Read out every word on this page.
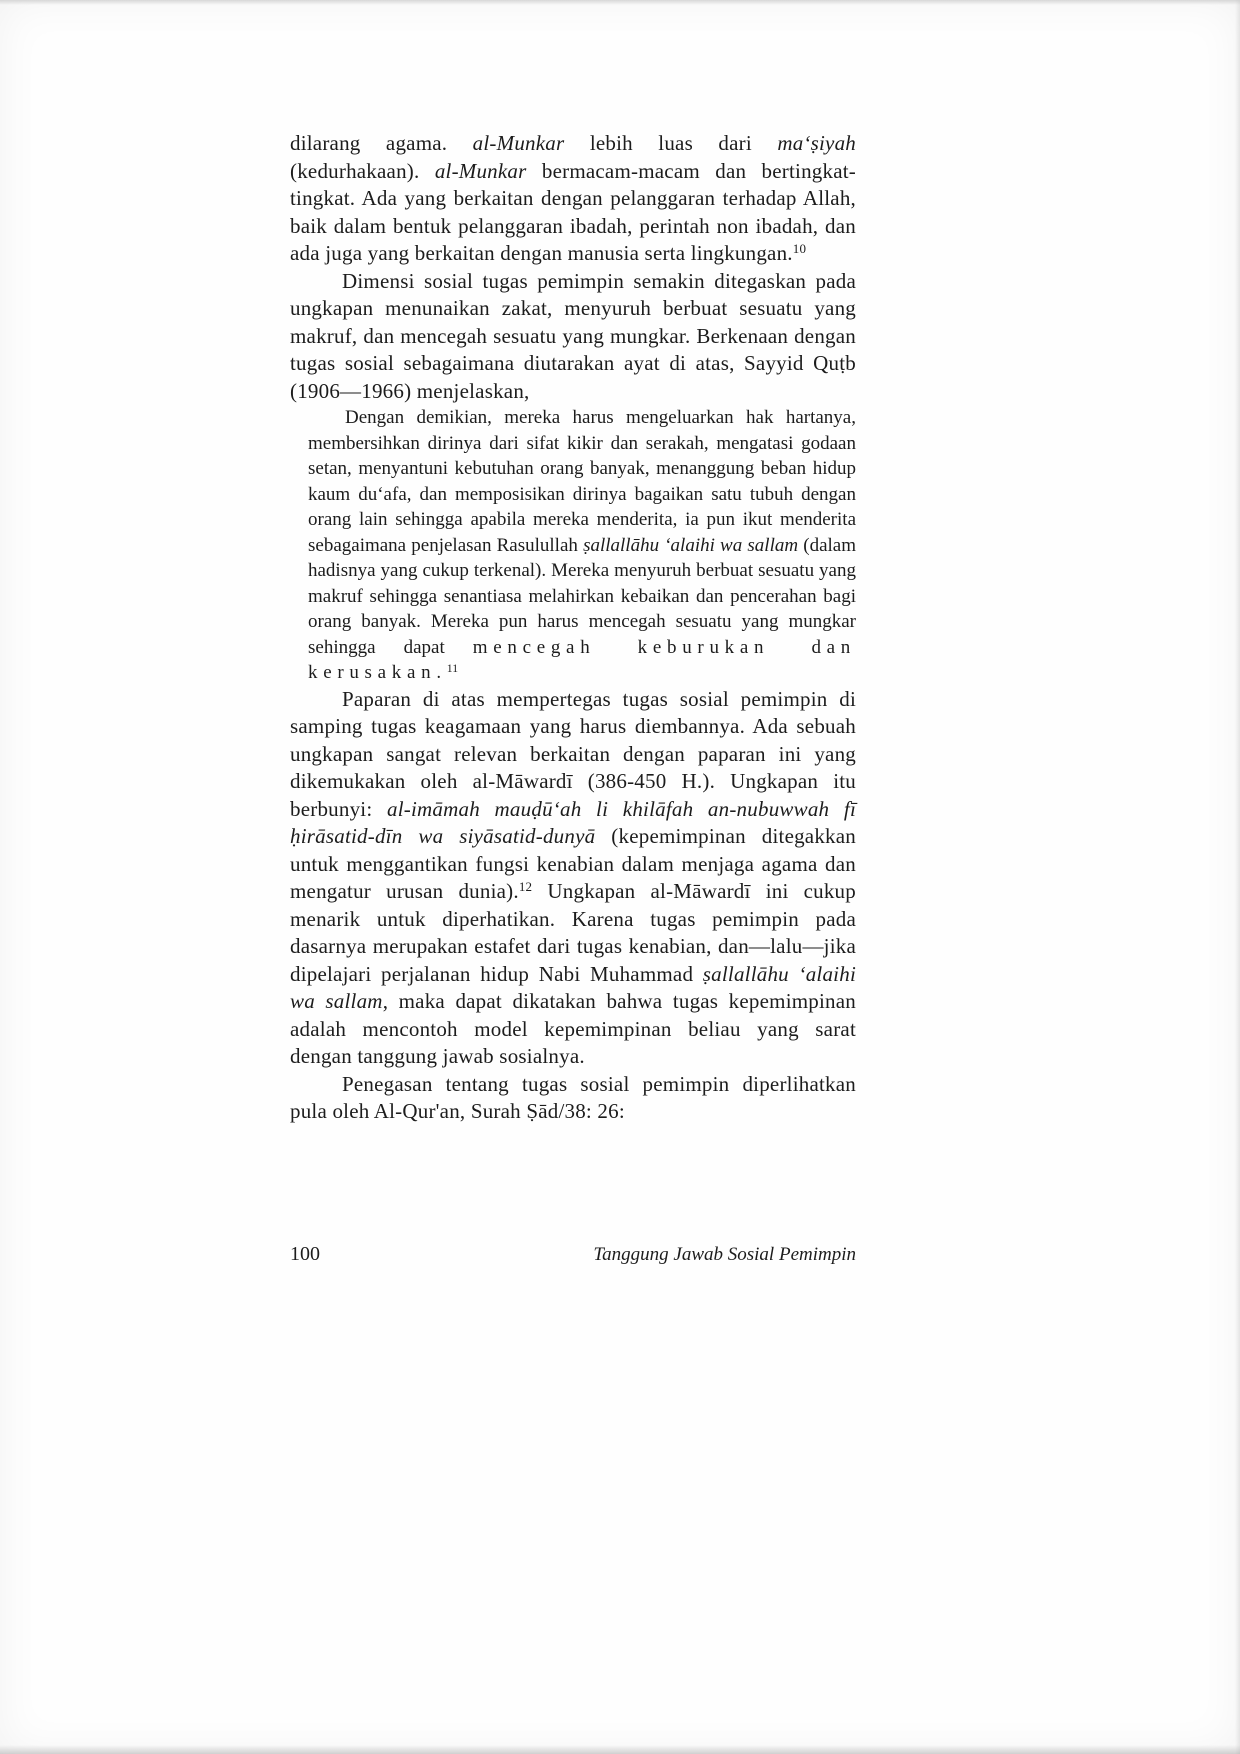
dilarang agama. al-Munkar lebih luas dari ma‘ṣiyah (kedurhakaan). al-Munkar bermacam-macam dan bertingkat-tingkat. Ada yang berkaitan dengan pelanggaran terhadap Allah, baik dalam bentuk pelanggaran ibadah, perintah non ibadah, dan ada juga yang berkaitan dengan manusia serta lingkungan.$^{10}$

Dimensi sosial tugas pemimpin semakin ditegaskan pada ungkapan menunaikan zakat, menyuruh berbuat sesuatu yang makruf, dan mencegah sesuatu yang mungkar. Berkenaan dengan tugas sosial sebagaimana diutarakan ayat di atas, Sayyid Quṭb (1906—1966) menjelaskan,

Dengan demikian, mereka harus mengeluarkan hak hartanya, membersihkan dirinya dari sifat kikir dan serakah, mengatasi godaan setan, menyantuni kebutuhan orang banyak, menanggung beban hidup kaum du‘afa, dan memposisikan dirinya bagaikan satu tubuh dengan orang lain sehingga apabila mereka menderita, ia pun ikut menderita sebagaimana penjelasan Rasulullah ṣallallāhu ‘alaihi wa sallam (dalam hadisnya yang cukup terkenal). Mereka menyuruh berbuat sesuatu yang makruf sehingga senantiasa melahirkan kebaikan dan pencerahan bagi orang banyak. Mereka pun harus mencegah sesuatu yang mungkar sehingga dapat mencegah keburukan dan kerusakan.$^{11}$

Paparan di atas mempertegas tugas sosial pemimpin di samping tugas keagamaan yang harus diembannya. Ada sebuah ungkapan sangat relevan berkaitan dengan paparan ini yang dikemukakan oleh al-Māwardī (386-450 H.). Ungkapan itu berbunyi: al-imāmah mauḍū‘ah li khilāfah an-nubuwwah fī ḥirāsatid-dīn wa siyāsatid-dunyā (kepemimpinan ditegakkan untuk menggantikan fungsi kenabian dalam menjaga agama dan mengatur urusan dunia).$^{12}$ Ungkapan al-Māwardī ini cukup menarik untuk diperhatikan. Karena tugas pemimpin pada dasarnya merupakan estafet dari tugas kenabian, dan—lalu—jika dipelajari perjalanan hidup Nabi Muhammad ṣallallāhu ‘alaihi wa sallam, maka dapat dikatakan bahwa tugas kepemimpinan adalah mencontoh model kepemimpinan beliau yang sarat dengan tanggung jawab sosialnya.

Penegasan tentang tugas sosial pemimpin diperlihatkan pula oleh Al-Qur'an, Surah Ṣād/38: 26:

100	Tanggung Jawab Sosial Pemimpin
